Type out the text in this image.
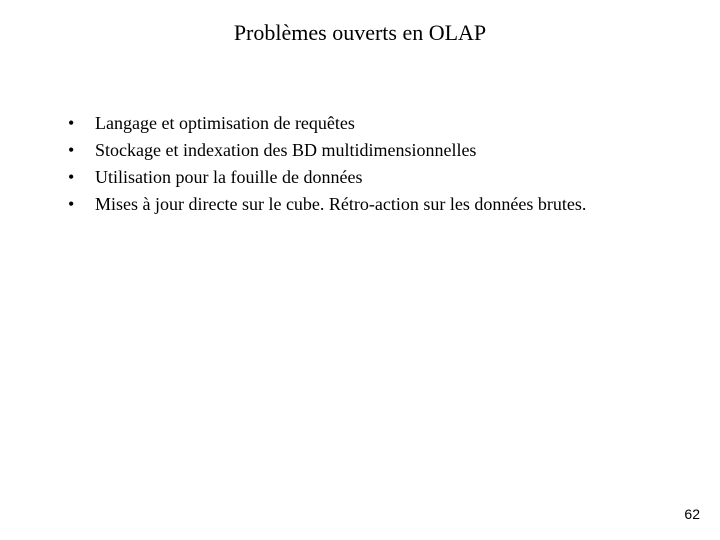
Problèmes ouverts en OLAP
•	Langage et optimisation de requêtes
•	Stockage et indexation des BD multidimensionnelles
•	Utilisation pour la fouille de données
•	Mises à jour directe sur le cube. Rétro-action sur les données brutes.
62
